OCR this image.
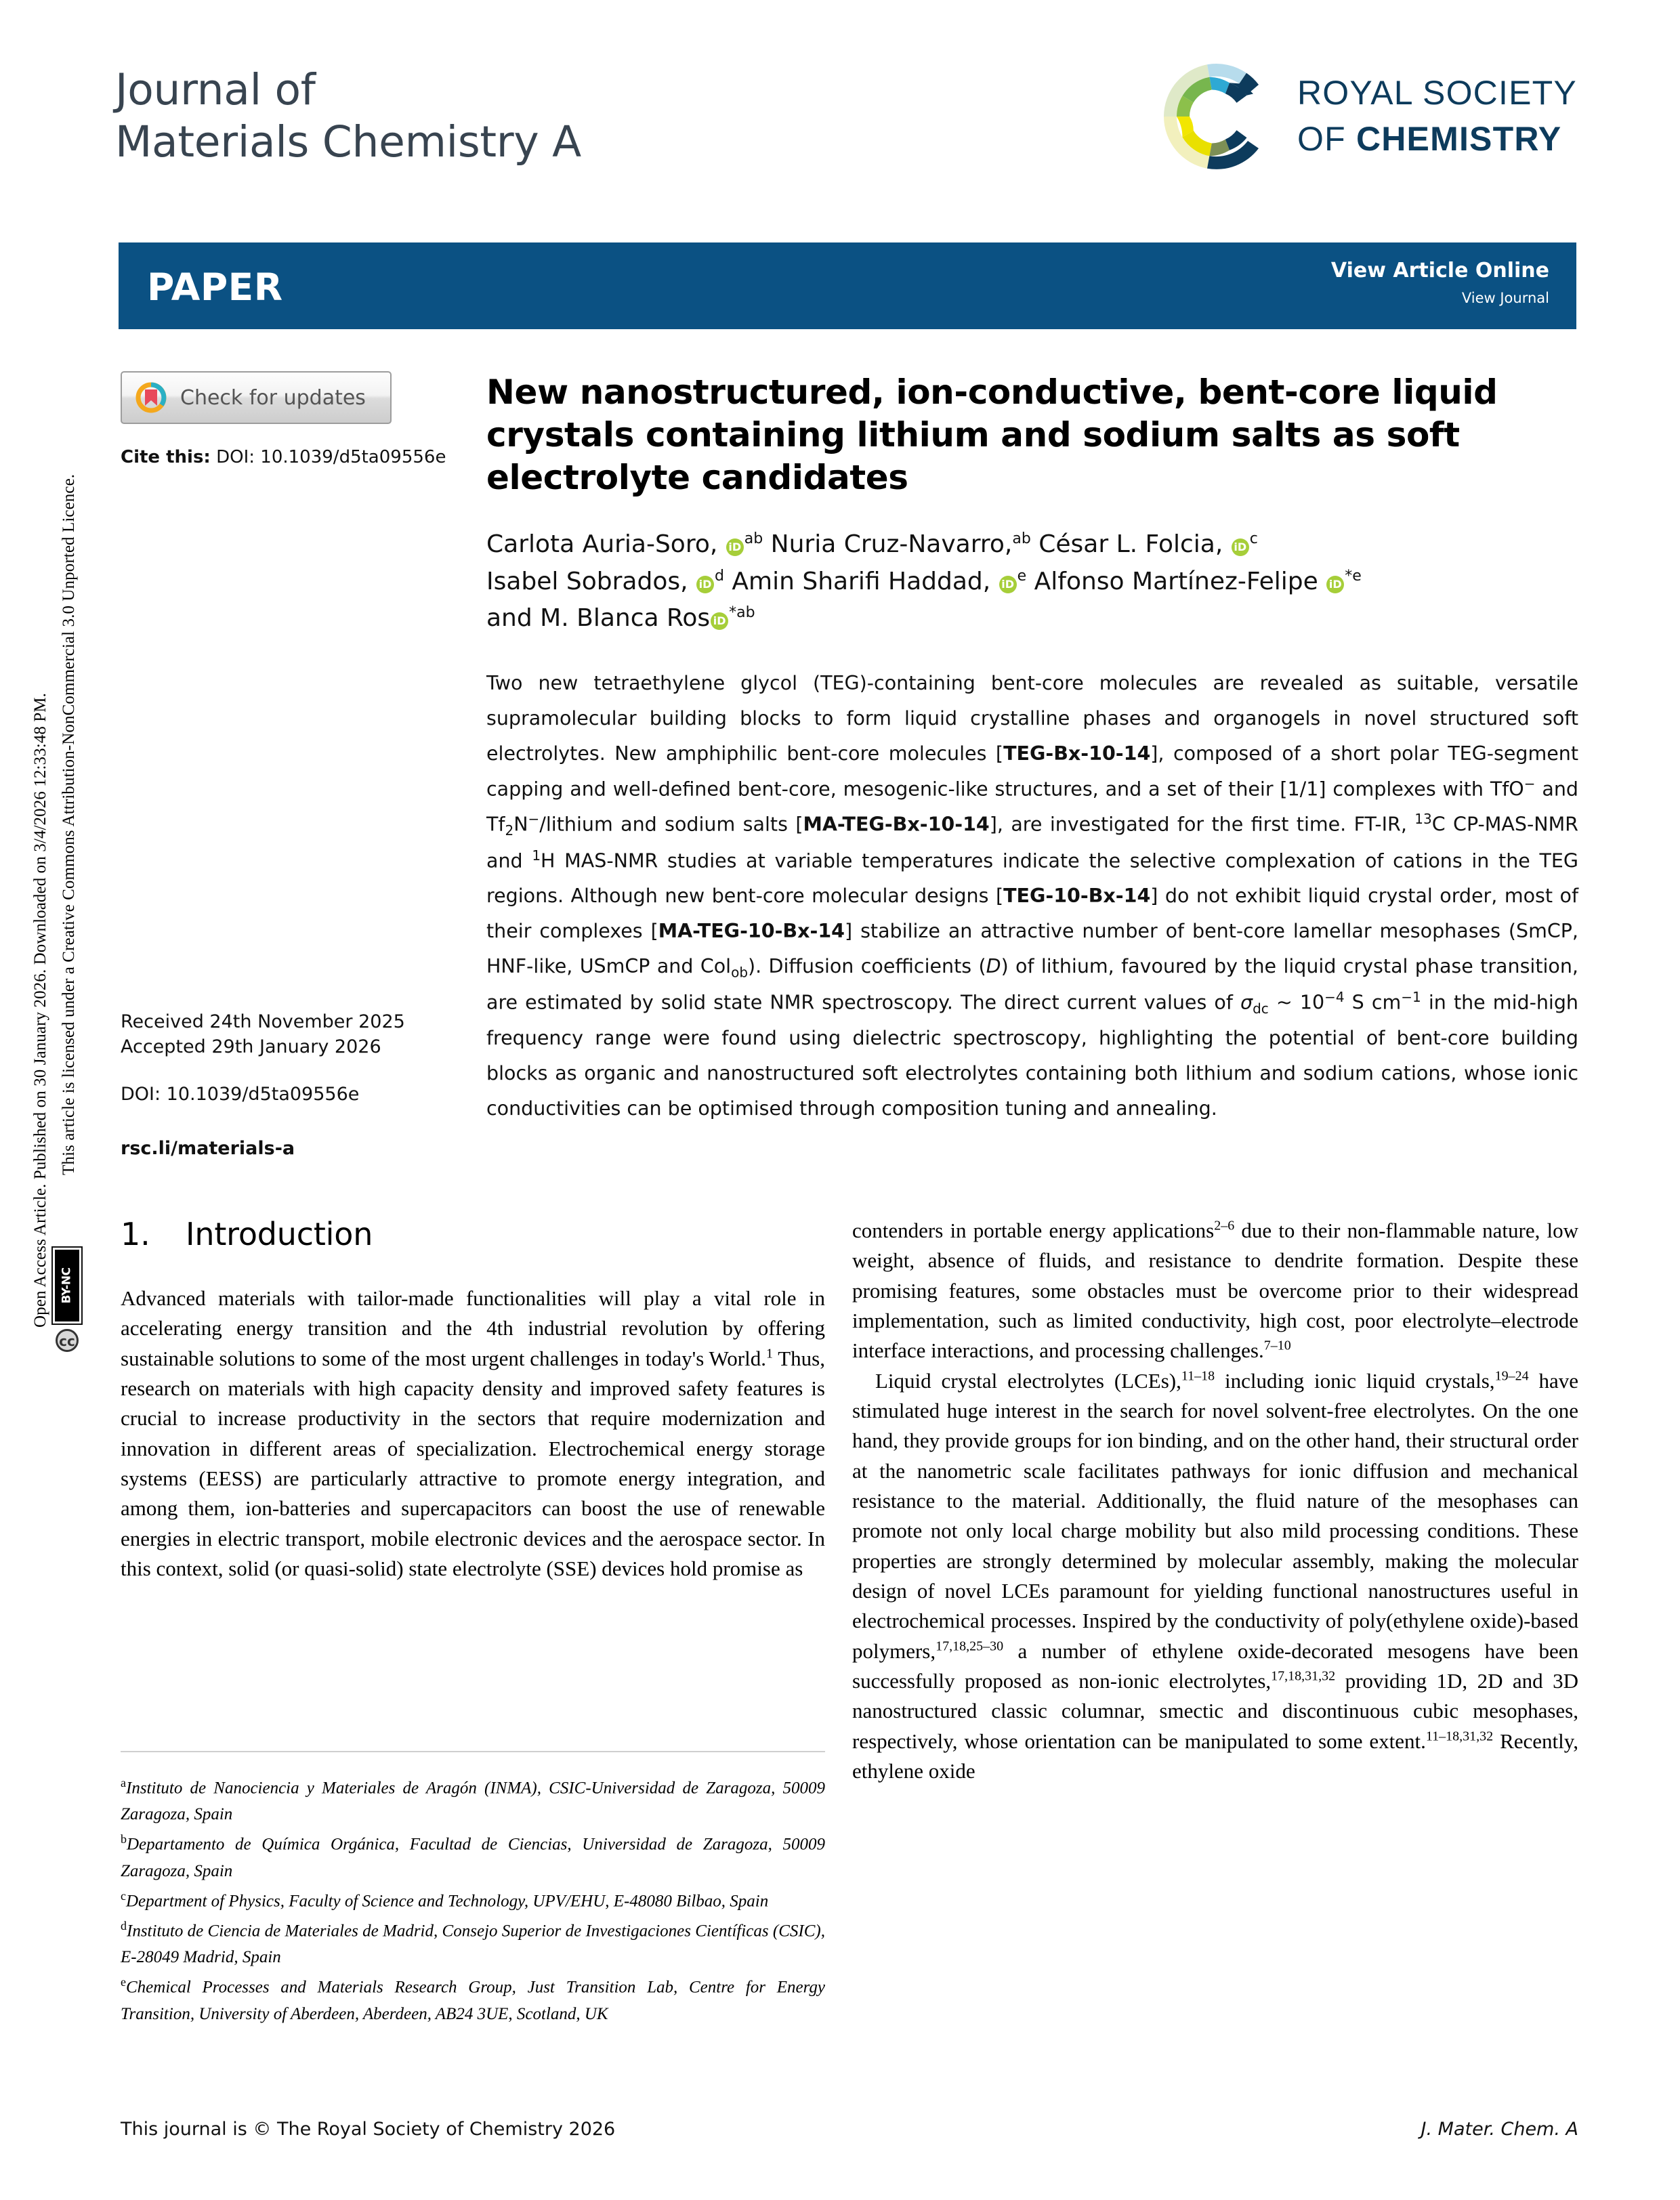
Open Access Article. Published on 30 January 2026. Downloaded on 3/4/2026 12:33:48 PM. This article is licensed under a Creative Commons Attribution-NonCommercial 3.0 Unported Licence.
BY-NC
cc
Journal of
Materials Chemistry A
ROYAL SOCIETY
OF CHEMISTRY
PAPER	View Article Online
View Journal
Check for updates
Cite this: DOI: 10.1039/d5ta09556e
Received 24th November 2025
Accepted 29th January 2026
DOI: 10.1039/d5ta09556e
rsc.li/materials-a
New nanostructured, ion-conductive, bent-core liquid crystals containing lithium and sodium salts as soft electrolyte candidates
Carlota Auria-Soro, iD $^{ab}$ Nuria Cruz-Navarro,$^{ab}$ César L. Folcia, iD $^c$
Isabel Sobrados, iD $^d$ Amin Sharifi Haddad, iD $^e$ Alfonso Martínez-Felipe iD $^{*e}$
and M. Blanca Ros iD $^{*ab}$
Two new tetraethylene glycol (TEG)-containing bent-core molecules are revealed as suitable, versatile supramolecular building blocks to form liquid crystalline phases and organogels in novel structured soft electrolytes. New amphiphilic bent-core molecules [TEG-Bx-10-14], composed of a short polar TEG-segment capping and well-defined bent-core, mesogenic-like structures, and a set of their [1/1] complexes with TfO− and $Tf_2N^-$/lithium and sodium salts [MA-TEG-Bx-10-14], are investigated for the first time. FT-IR, $^{13}$C CP-MAS-NMR and $^1$H MAS-NMR studies at variable temperatures indicate the selective complexation of cations in the TEG regions. Although new bent-core molecular designs [TEG-10-Bx-14] do not exhibit liquid crystal order, most of their complexes [MA-TEG-10-Bx-14] stabilize an attractive number of bent-core lamellar mesophases (SmCP, HNF-like, USmCP and Col$_{ob}$). Diffusion coefficients (D) of lithium, favoured by the liquid crystal phase transition, are estimated by solid state NMR spectroscopy. The direct current values of $\sigma_{dc}$ ~ $10^{-4}$ S $cm^{-1}$ in the mid-high frequency range were found using dielectric spectroscopy, highlighting the potential of bent-core building blocks as organic and nanostructured soft electrolytes containing both lithium and sodium cations, whose ionic conductivities can be optimised through composition tuning and annealing.
1. Introduction

Advanced materials with tailor-made functionalities will play a vital role in accelerating energy transition and the 4th industrial revolution by offering sustainable solutions to some of the most urgent challenges in today's World.$^1$ Thus, research on materials with high capacity density and improved safety features is crucial to increase productivity in the sectors that require modernization and innovation in different areas of specialization. Electrochemical energy storage systems (EESS) are particularly attractive to promote energy integration, and among them, ion-batteries and supercapacitors can boost the use of renewable energies in electric transport, mobile electronic devices and the aerospace sector. In this context, solid (or quasi-solid) state electrolyte (SSE) devices hold promise as

contenders in portable energy applications$^{2-6}$ due to their non-flammable nature, low weight, absence of fluids, and resistance to dendrite formation. Despite these promising features, some obstacles must be overcome prior to their widespread implementation, such as limited conductivity, high cost, poor electrolyte–electrode interface interactions, and processing challenges.$^{7-10}$

Liquid crystal electrolytes (LCEs),$^{11-18}$ including ionic liquid crystals,$^{19-24}$ have stimulated huge interest in the search for novel solvent-free electrolytes. On the one hand, they provide groups for ion binding, and on the other hand, their structural order at the nanometric scale facilitates pathways for ionic diffusion and mechanical resistance to the material. Additionally, the fluid nature of the mesophases can promote not only local charge mobility but also mild processing conditions. These properties are strongly determined by molecular assembly, making the molecular design of novel LCEs paramount for yielding functional nanostructures useful in electrochemical processes. Inspired by the conductivity of poly(ethylene oxide)-based polymers,$^{17,18,25-30}$ a number of ethylene oxide-decorated mesogens have been successfully proposed as non-ionic electrolytes,$^{17,18,31,32}$ providing 1D, 2D and 3D nanostructured classic columnar, smectic and discontinuous cubic mesophases, respectively, whose orientation can be manipulated to some extent.$^{11-18,31,32}$ Recently, ethylene oxide

$^a$Instituto de Nanociencia y Materiales de Aragón (INMA), CSIC-Universidad de Zaragoza, 50009 Zaragoza, Spain
$^b$Departamento de Química Orgánica, Facultad de Ciencias, Universidad de Zaragoza, 50009 Zaragoza, Spain
$^c$Department of Physics, Faculty of Science and Technology, UPV/EHU, E-48080 Bilbao, Spain
$^d$Instituto de Ciencia de Materiales de Madrid, Consejo Superior de Investigaciones Científicas (CSIC), E-28049 Madrid, Spain
$^e$Chemical Processes and Materials Research Group, Just Transition Lab, Centre for Energy Transition, University of Aberdeen, Aberdeen, AB24 3UE, Scotland, UK
This journal is © The Royal Society of Chemistry 2026	J. Mater. Chem. A
